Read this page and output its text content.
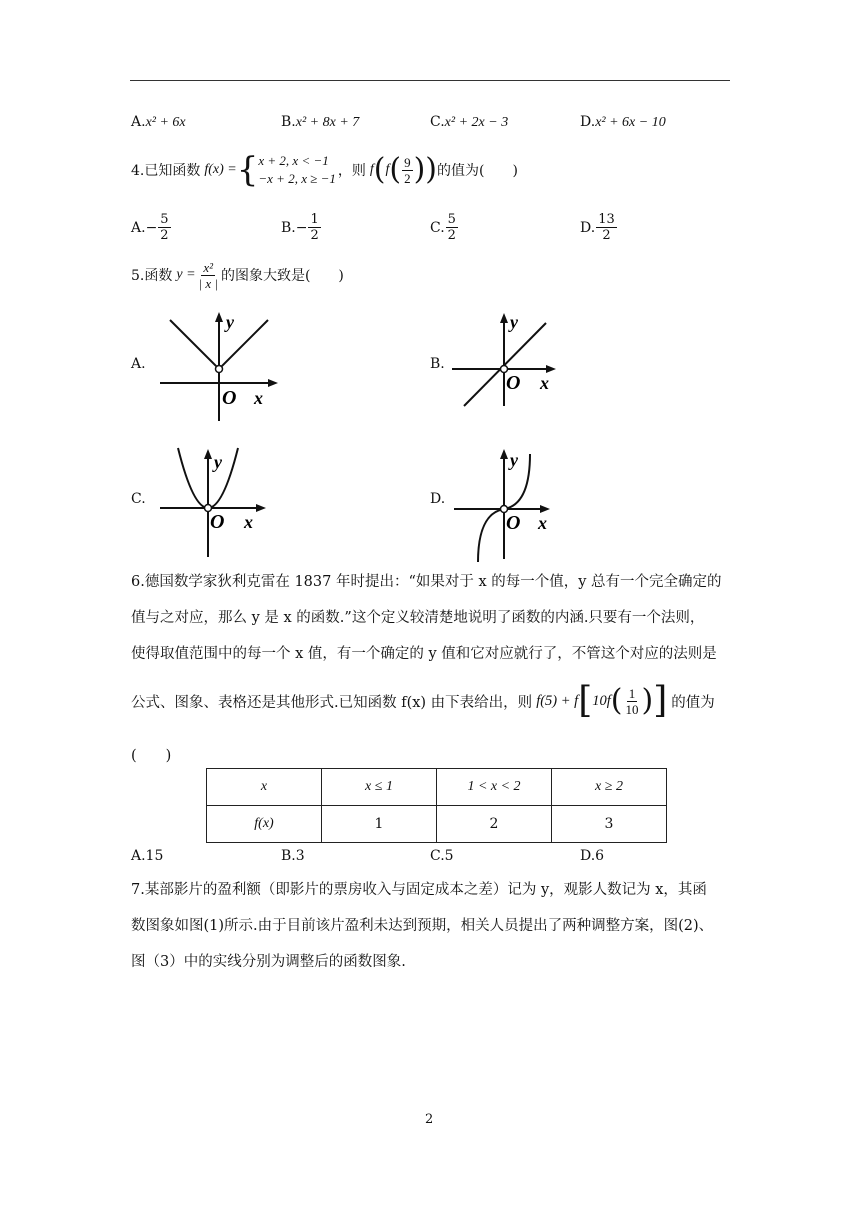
A.x² + 6x	B.x² + 8x + 7	C.x² + 2x − 3	D.x² + 6x − 10
4.已知函数 f(x) = { x + 2, x < −1
−x + 2, x ≥ −1 ，则 f ( f ( $\frac{9}{2}$ )) 的值为(　　)
A. − $\frac{5}{2}$	B. − $\frac{1}{2}$	C. $\frac{5}{2}$	D. $\frac{13}{2}$
5.函数 $y = \frac{\text{x²}}{| x |}$ 的图象大致是(　　)
A.
y
O x
B.
y
O x
C.
y
O x
D.
y
O x
6.德国数学家狄利克雷在 1837 年时提出：“如果对于 x 的每一个值，y 总有一个完全确定的
值与之对应，那么 y 是 x 的函数.”这个定义较清楚地说明了函数的内涵.只要有一个法则，
使得取值范围中的每一个 x 值，有一个确定的 y 值和它对应就行了，不管这个对应的法则是
公式、图象、表格还是其他形式.已知函数 f(x) 由下表给出，则 f(5) + f [ 10f ( $\frac{1}{10}$ ) ] 的值为
(　　)
x	x ≤ 1	1 < x < 2	x ≥ 2
f(x)	1	2	3
A.15	B.3	C.5	D.6
7.某部影片的盈利额（即影片的票房收入与固定成本之差）记为 y，观影人数记为 x，其函
数图象如图(1)所示.由于目前该片盈利未达到预期，相关人员提出了两种调整方案，图(2)、
图（3）中的实线分别为调整后的函数图象.
2
